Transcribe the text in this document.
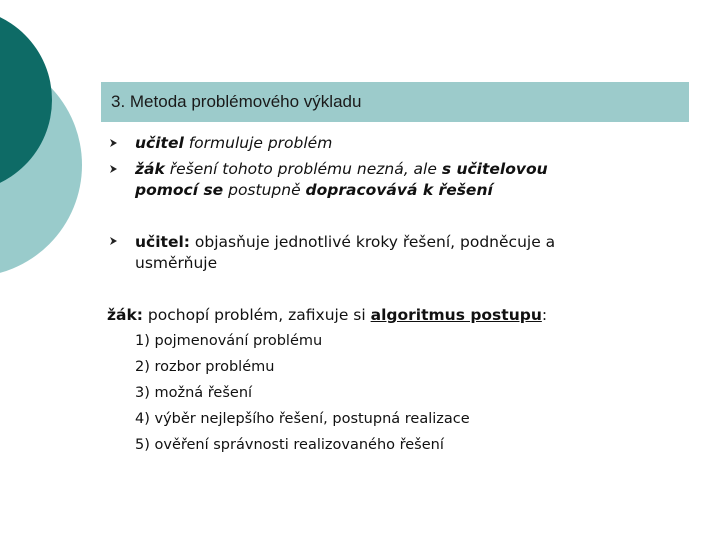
3. Metoda problémového výkladu
učitel formuluje problém
žák řešení tohoto problému nezná, ale s učitelovou
pomocí se postupně dopracovává k řešení
učitel: objasňuje jednotlivé kroky řešení, podněcuje a
usměrňuje
žák: pochopí problém, zafixuje si algoritmus postupu:
1) pojmenování problému
2) rozbor problému
3) možná řešení
4) výběr nejlepšího řešení, postupná realizace
5) ověření správnosti realizovaného řešení
